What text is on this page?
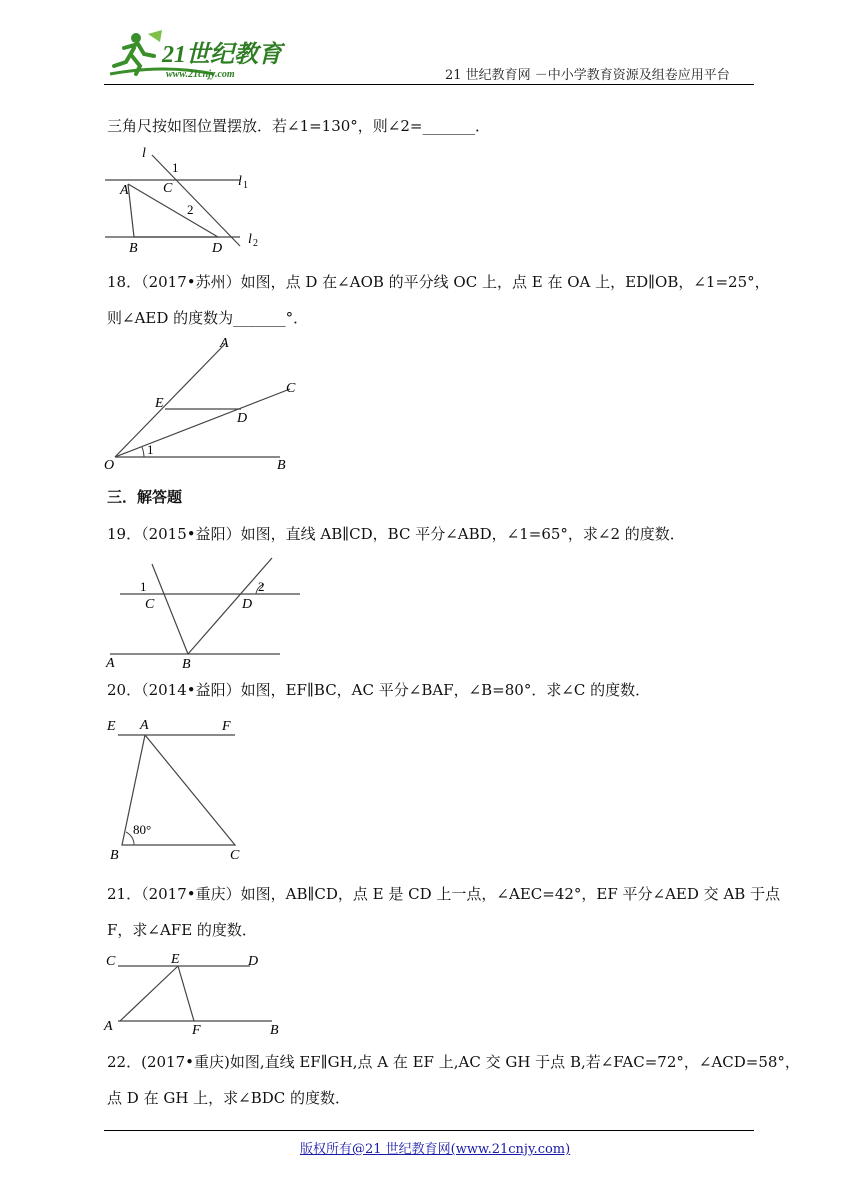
21世纪教育
www.21cnjy.com	21 世纪教育网 －中小学教育资源及组卷应用平台
三角尺按如图位置摆放．若∠1=130°，则∠2=_______．
l
1
l 1
A C
2
B	D
l 2
18．（2017•苏州）如图，点 D 在∠AOB 的平分线 OC 上，点 E 在 OA 上，ED∥OB，∠1=25°，
则∠AED 的度数为_______°．
A
C
E
D
1
O	B
三．解答题
19．（2015•益阳）如图，直线 AB∥CD，BC 平分∠ABD，∠1=65°，求∠2 的度数．
1
C
2
D
A	B
20．（2014•益阳）如图，EF∥BC，AC 平分∠BAF，∠B=80°．求∠C 的度数．
E A	F
80°
B	C
21．（2017•重庆）如图，AB∥CD，点 E 是 CD 上一点，∠AEC=42°，EF 平分∠AED 交 AB 于点
F，求∠AFE 的度数．
C	E	D
A	F	B
22．(2017•重庆)如图,直线 EF∥GH,点 A 在 EF 上,AC 交 GH 于点 B,若∠FAC=72°，∠ACD=58°，
点 D 在 GH 上，求∠BDC 的度数．
版权所有@21 世纪教育网(www.21cnjy.com)
